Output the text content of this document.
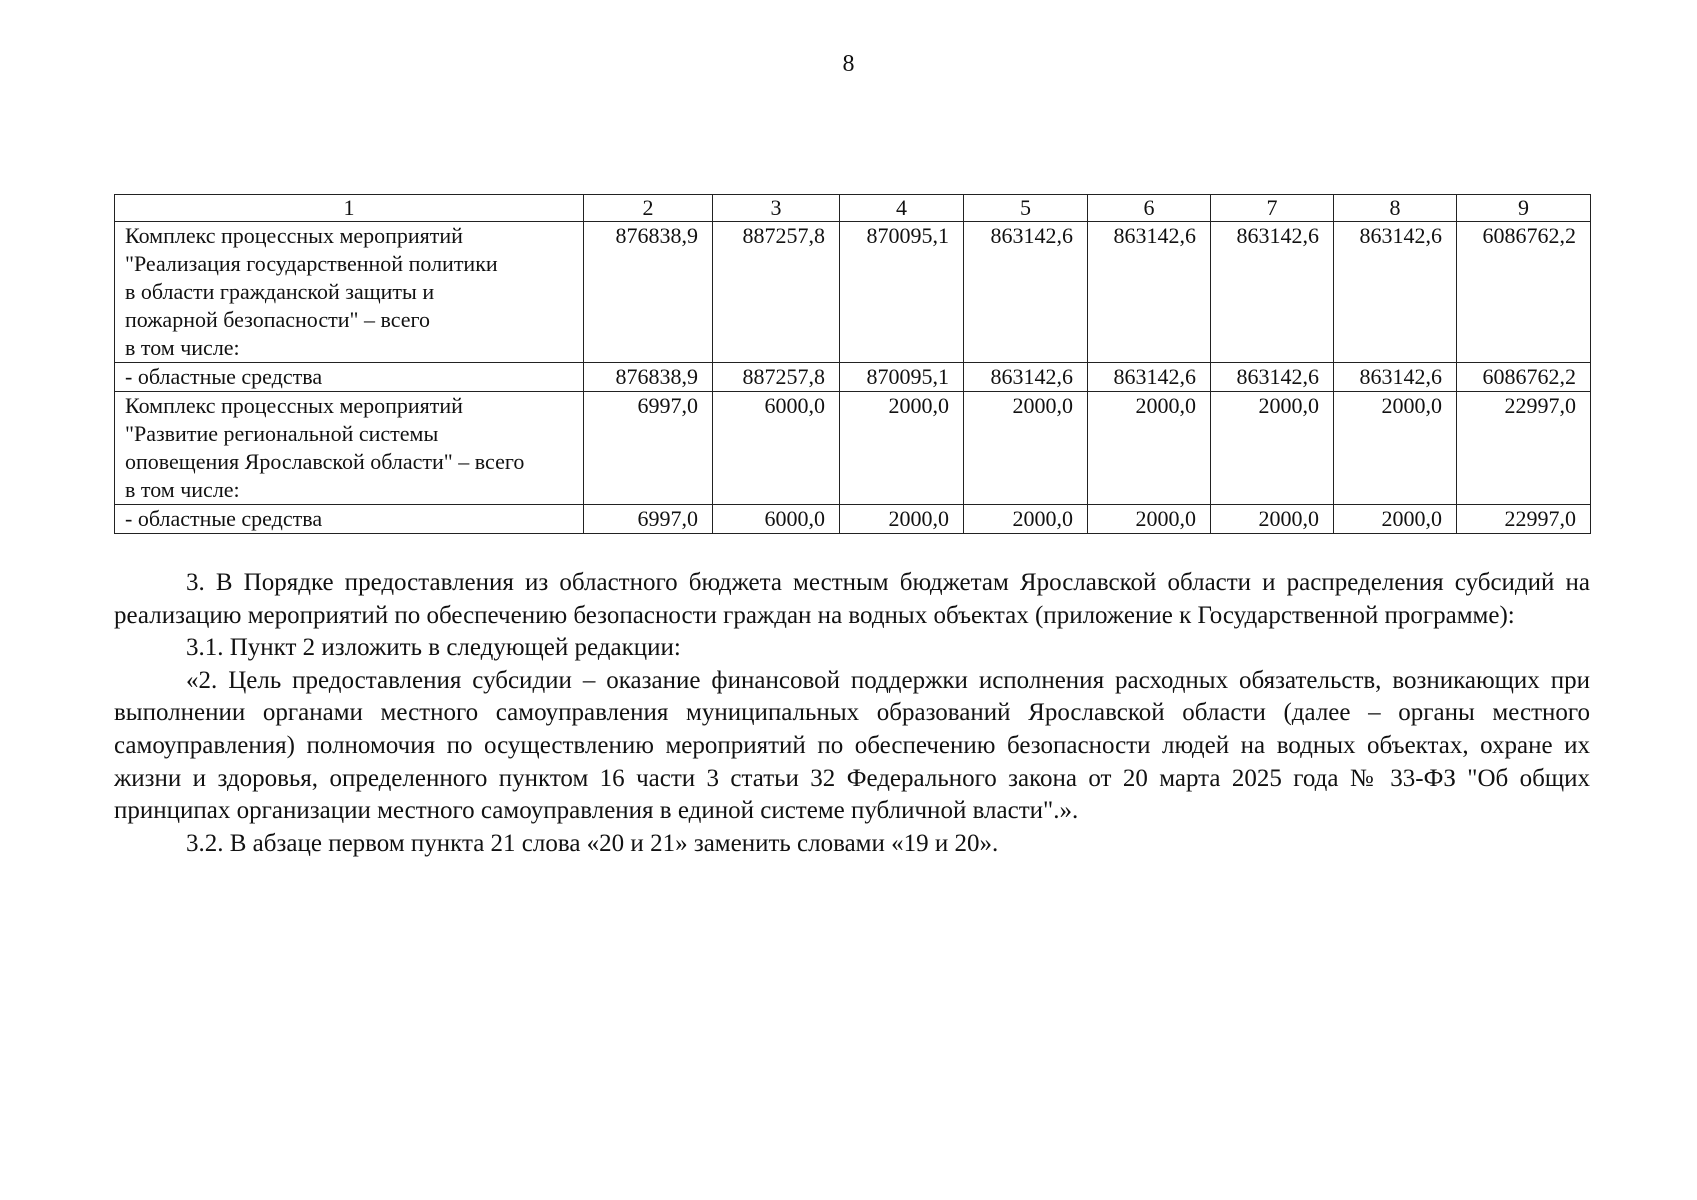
8
1	2	3	4	5	6	7	8	9

Комплекс процессных мероприятий
"Реализация государственной политики
в области гражданской защиты и
пожарной безопасности" – всего
в том числе:	876838,9	887257,8	870095,1	863142,6	863142,6	863142,6	863142,6	6086762,2

- областные средства	876838,9	887257,8	870095,1	863142,6	863142,6	863142,6	863142,6	6086762,2

Комплекс процессных мероприятий
"Развитие региональной системы
оповещения Ярославской области" – всего
в том числе:	6997,0	6000,0	2000,0	2000,0	2000,0	2000,0	2000,0	22997,0

- областные средства	6997,0	6000,0	2000,0	2000,0	2000,0	2000,0	2000,0	22997,0

3. В Порядке предоставления из областного бюджета местным бюджетам Ярославской области и распределения субсидий на реализацию мероприятий по обеспечению безопасности граждан на водных объектах (приложение к Государственной программе):

3.1. Пункт 2 изложить в следующей редакции:

«2. Цель предоставления субсидии – оказание финансовой поддержки исполнения расходных обязательств, возникающих при выполнении органами местного самоуправления муниципальных образований Ярославской области (далее – органы местного самоуправления) полномочия по осуществлению мероприятий по обеспечению безопасности людей на водных объектах, охране их жизни и здоровья, определенного пунктом 16 части 3 статьи 32 Федерального закона от 20 марта 2025 года № 33-ФЗ "Об общих принципах организации местного самоуправления в единой системе публичной власти".».

3.2. В абзаце первом пункта 21 слова «20 и 21» заменить словами «19 и 20».
